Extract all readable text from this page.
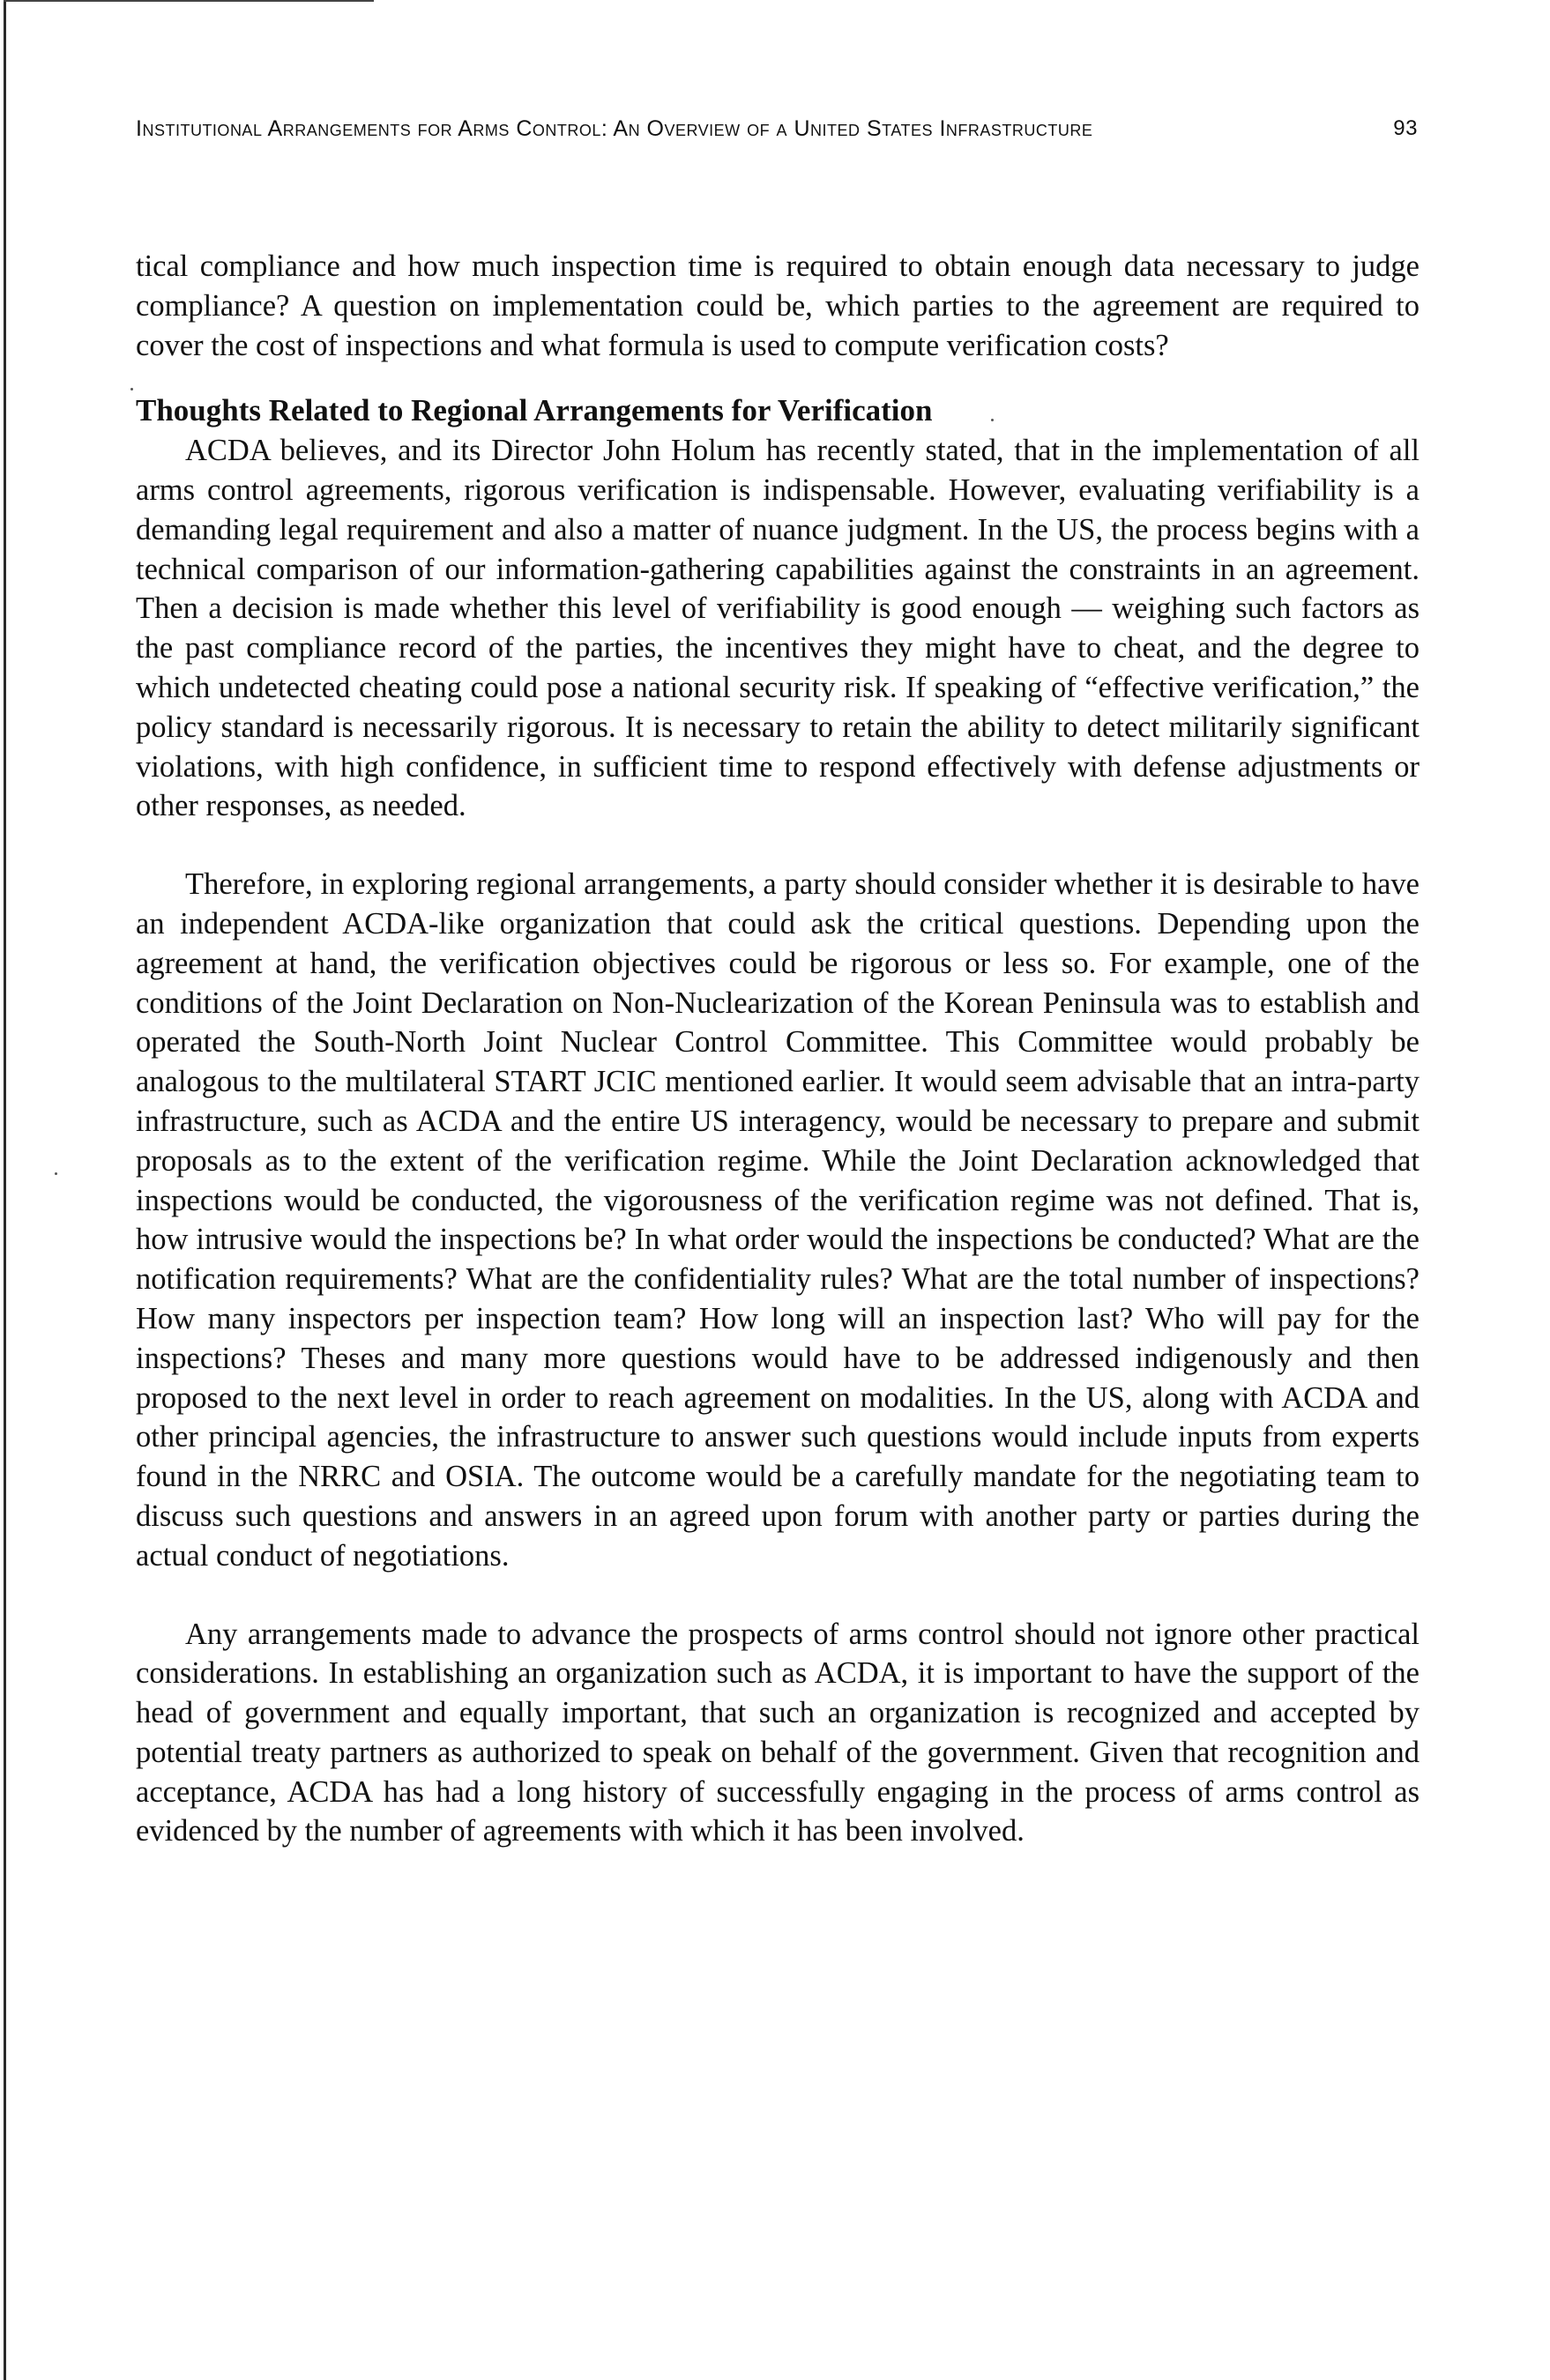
Institutional Arrangements for Arms Control: An Overview of a United States Infrastructure	93

tical compliance and how much inspection time is required to obtain enough data necessary to judge compliance? A question on implementation could be, which parties to the agreement are required to cover the cost of inspections and what formula is used to compute verification costs?

Thoughts Related to Regional Arrangements for Verification

ACDA believes, and its Director John Holum has recently stated, that in the implementation of all arms control agreements, rigorous verification is indispensable. However, evaluating verifiability is a demanding legal requirement and also a matter of nuance judgment. In the US, the process begins with a technical comparison of our information-gathering capabilities against the constraints in an agreement. Then a decision is made whether this level of verifiability is good enough — weighing such factors as the past compliance record of the parties, the incentives they might have to cheat, and the degree to which undetected cheating could pose a national security risk. If speaking of “effective verification,” the policy standard is necessarily rigorous. It is necessary to retain the ability to detect militarily significant violations, with high confidence, in sufficient time to respond effectively with defense adjustments or other responses, as needed.

Therefore, in exploring regional arrangements, a party should consider whether it is desirable to have an independent ACDA-like organization that could ask the critical questions. Depending upon the agreement at hand, the verification objectives could be rigorous or less so. For example, one of the conditions of the Joint Declaration on Non-Nuclearization of the Korean Peninsula was to establish and operated the South-North Joint Nuclear Control Committee. This Committee would probably be analogous to the multilateral START JCIC mentioned earlier. It would seem advisable that an intra-party infrastructure, such as ACDA and the entire US interagency, would be necessary to prepare and submit proposals as to the extent of the verification regime. While the Joint Declaration acknowledged that inspections would be conducted, the vigorousness of the verification regime was not defined. That is, how intrusive would the inspections be? In what order would the inspections be conducted? What are the notification requirements? What are the confidentiality rules? What are the total number of inspections? How many inspectors per inspection team? How long will an inspection last? Who will pay for the inspections? Theses and many more questions would have to be addressed indigenously and then proposed to the next level in order to reach agreement on modalities. In the US, along with ACDA and other principal agencies, the infrastructure to answer such questions would include inputs from experts found in the NRRC and OSIA. The outcome would be a carefully mandate for the negotiating team to discuss such questions and answers in an agreed upon forum with another party or parties during the actual conduct of negotiations.

Any arrangements made to advance the prospects of arms control should not ignore other practical considerations. In establishing an organization such as ACDA, it is important to have the support of the head of government and equally important, that such an organization is recognized and accepted by potential treaty partners as authorized to speak on behalf of the government. Given that recognition and acceptance, ACDA has had a long history of successfully engaging in the process of arms control as evidenced by the number of agreements with which it has been involved.
